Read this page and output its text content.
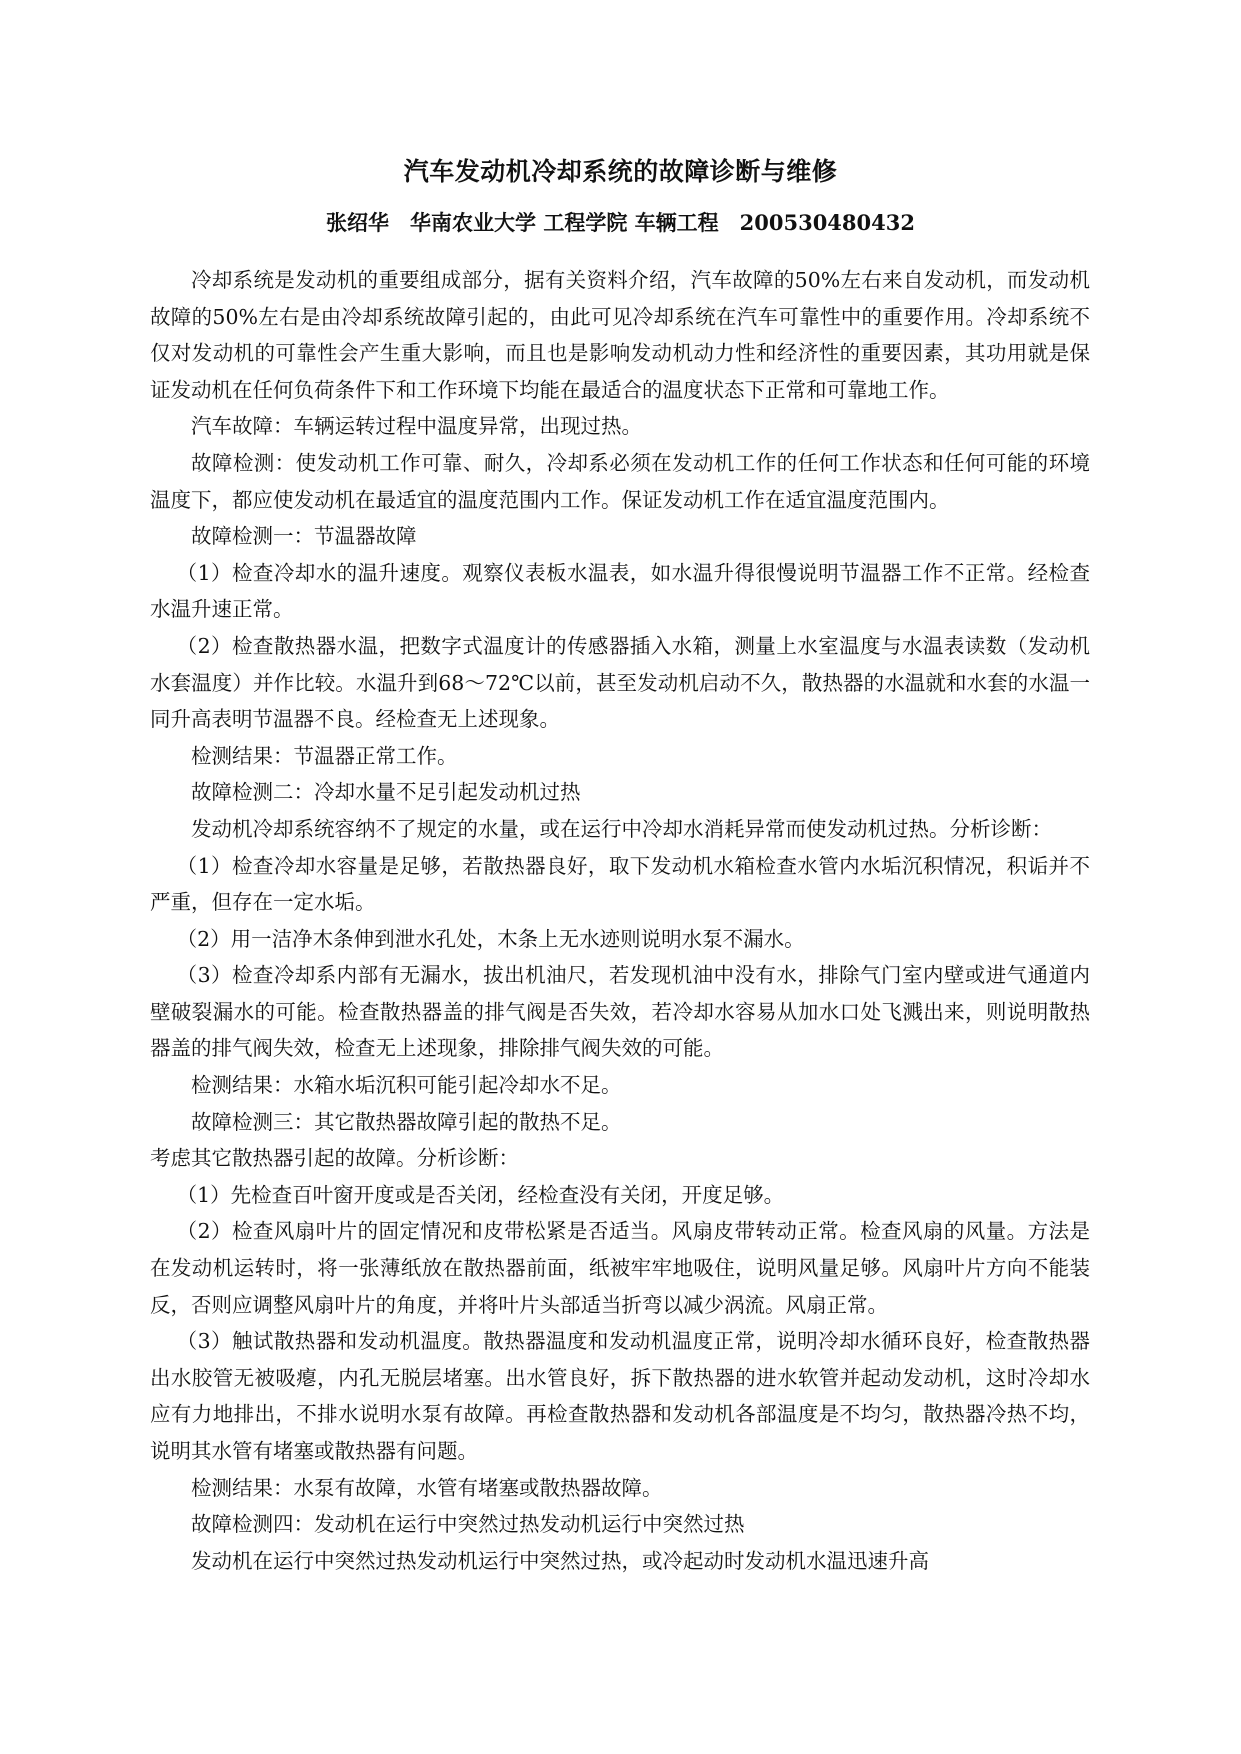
汽车发动机冷却系统的故障诊断与维修
张绍华　华南农业大学 工程学院 车辆工程　200530480432

冷却系统是发动机的重要组成部分，据有关资料介绍，汽车故障的50%左右来自发动机，而发动机故障的50%左右是由冷却系统故障引起的，由此可见冷却系统在汽车可靠性中的重要作用。冷却系统不仅对发动机的可靠性会产生重大影响，而且也是影响发动机动力性和经济性的重要因素，其功用就是保证发动机在任何负荷条件下和工作环境下均能在最适合的温度状态下正常和可靠地工作。

汽车故障：车辆运转过程中温度异常，出现过热。

故障检测：使发动机工作可靠、耐久，冷却系必须在发动机工作的任何工作状态和任何可能的环境温度下，都应使发动机在最适宜的温度范围内工作。保证发动机工作在适宜温度范围内。

故障检测一：节温器故障

（1）检查冷却水的温升速度。观察仪表板水温表，如水温升得很慢说明节温器工作不正常。经检查水温升速正常。

（2）检查散热器水温，把数字式温度计的传感器插入水箱，测量上水室温度与水温表读数（发动机水套温度）并作比较。水温升到68～72℃以前，甚至发动机启动不久，散热器的水温就和水套的水温一同升高表明节温器不良。经检查无上述现象。

检测结果：节温器正常工作。

故障检测二：冷却水量不足引起发动机过热

发动机冷却系统容纳不了规定的水量，或在运行中冷却水消耗异常而使发动机过热。分析诊断：

（1）检查冷却水容量是足够，若散热器良好，取下发动机水箱检查水管内水垢沉积情况，积诟并不严重，但存在一定水垢。

（2）用一洁净木条伸到泄水孔处，木条上无水迹则说明水泵不漏水。

（3）检查冷却系内部有无漏水，拔出机油尺，若发现机油中没有水，排除气门室内壁或进气通道内壁破裂漏水的可能。检查散热器盖的排气阀是否失效，若冷却水容易从加水口处飞溅出来，则说明散热器盖的排气阀失效，检查无上述现象，排除排气阀失效的可能。

检测结果：水箱水垢沉积可能引起冷却水不足。

故障检测三：其它散热器故障引起的散热不足。

考虑其它散热器引起的故障。分析诊断：

（1）先检查百叶窗开度或是否关闭，经检查没有关闭，开度足够。

（2）检查风扇叶片的固定情况和皮带松紧是否适当。风扇皮带转动正常。检查风扇的风量。方法是在发动机运转时，将一张薄纸放在散热器前面，纸被牢牢地吸住，说明风量足够。风扇叶片方向不能装反，否则应调整风扇叶片的角度，并将叶片头部适当折弯以减少涡流。风扇正常。

（3）触试散热器和发动机温度。散热器温度和发动机温度正常，说明冷却水循环良好，检查散热器出水胶管无被吸瘪，内孔无脱层堵塞。出水管良好，拆下散热器的进水软管并起动发动机，这时冷却水应有力地排出，不排水说明水泵有故障。再检查散热器和发动机各部温度是不均匀，散热器冷热不均，说明其水管有堵塞或散热器有问题。

检测结果：水泵有故障，水管有堵塞或散热器故障。

故障检测四：发动机在运行中突然过热发动机运行中突然过热

发动机在运行中突然过热发动机运行中突然过热，或冷起动时发动机水温迅速升高
